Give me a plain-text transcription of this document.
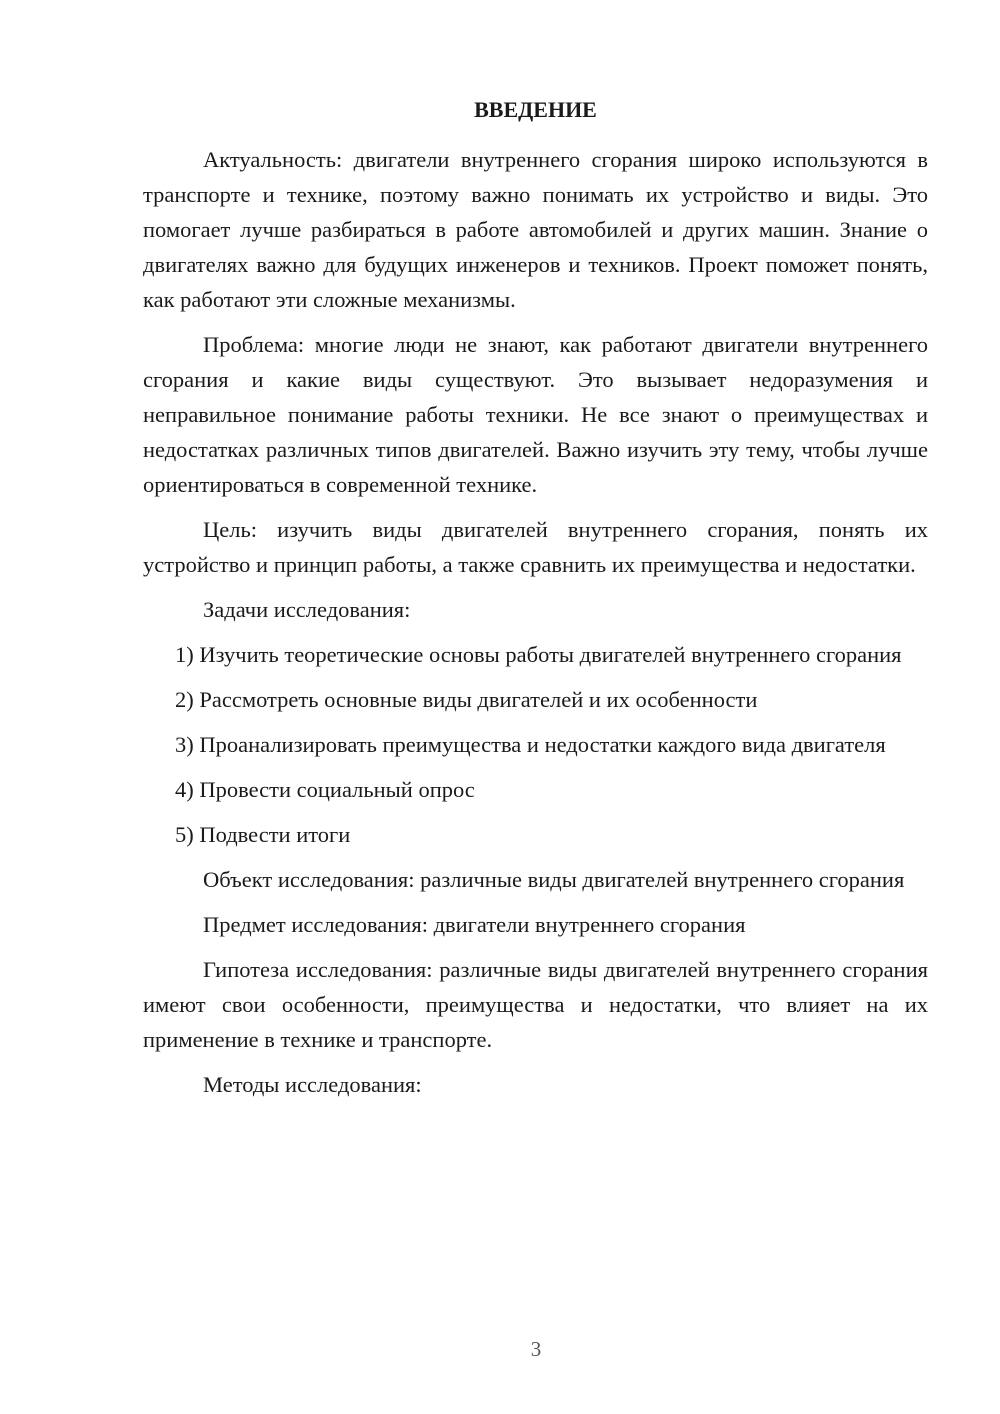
ВВЕДЕНИЕ

Актуальность: двигатели внутреннего сгорания широко используются в транспорте и технике, поэтому важно понимать их устройство и виды. Это помогает лучше разбираться в работе автомобилей и других машин. Знание о двигателях важно для будущих инженеров и техников. Проект поможет понять, как работают эти сложные механизмы.

Проблема: многие люди не знают, как работают двигатели внутреннего сгорания и какие виды существуют. Это вызывает недоразумения и неправильное понимание работы техники. Не все знают о преимуществах и недостатках различных типов двигателей. Важно изучить эту тему, чтобы лучше ориентироваться в современной технике.

Цель: изучить виды двигателей внутреннего сгорания, понять их устройство и принцип работы, а также сравнить их преимущества и недостатки.

Задачи исследования:

1) Изучить теоретические основы работы двигателей внутреннего сгорания

2) Рассмотреть основные виды двигателей и их особенности

3) Проанализировать преимущества и недостатки каждого вида двигателя

4) Провести социальный опрос

5) Подвести итоги

Объект исследования: различные виды двигателей внутреннего сгорания

Предмет исследования: двигатели внутреннего сгорания

Гипотеза исследования: различные виды двигателей внутреннего сгорания имеют свои особенности, преимущества и недостатки, что влияет на их применение в технике и транспорте.

Методы исследования:

3
